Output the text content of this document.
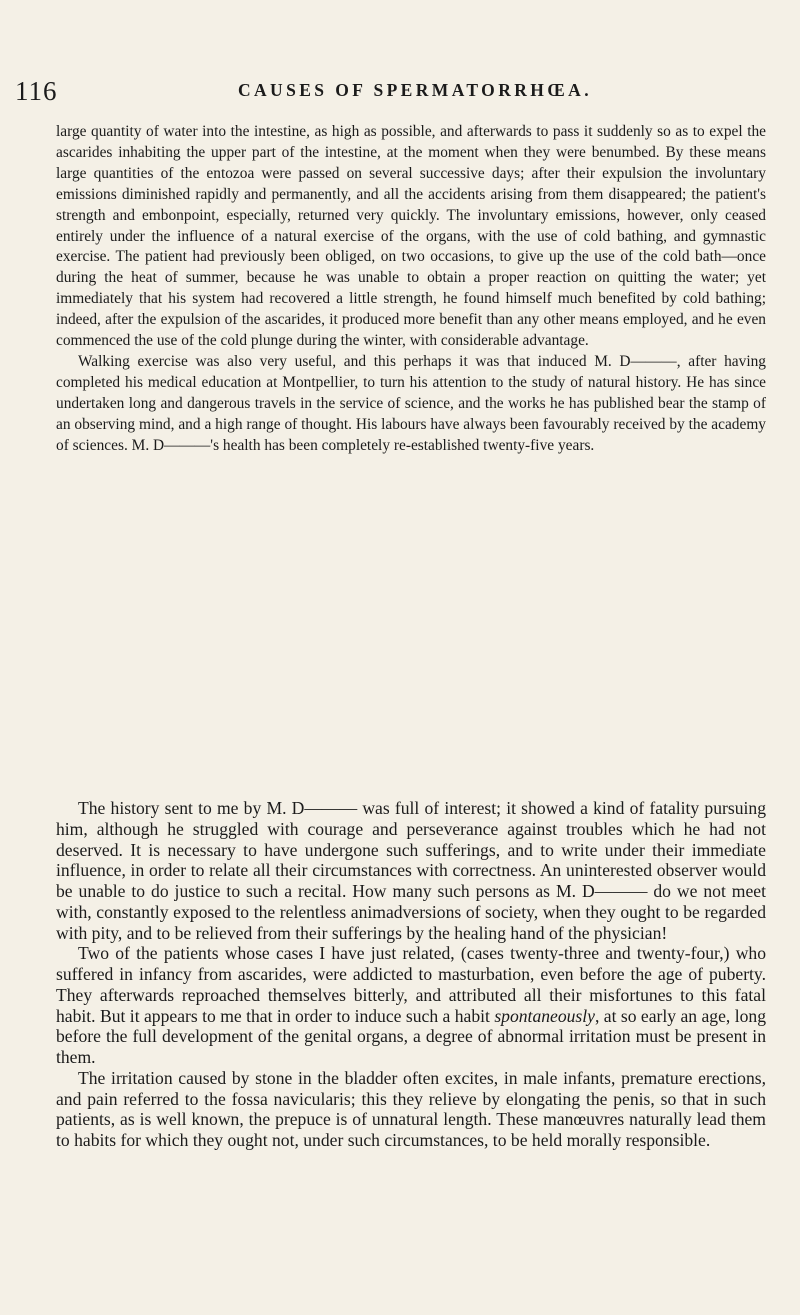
116	CAUSES OF SPERMATORRHŒA.

large quantity of water into the intestine, as high as possible, and afterwards to pass it suddenly so as to expel the ascarides inhabiting the upper part of the intestine, at the moment when they were benumbed. By these means large quantities of the entozoa were passed on several successive days; after their expulsion the involuntary emissions diminished rapidly and permanently, and all the accidents arising from them disappeared; the patient's strength and embonpoint, especially, returned very quickly. The involuntary emissions, however, only ceased entirely under the influence of a natural exercise of the organs, with the use of cold bathing, and gymnastic exercise. The patient had previously been obliged, on two occasions, to give up the use of the cold bath—once during the heat of summer, because he was unable to obtain a proper reaction on quitting the water; yet immediately that his system had recovered a little strength, he found himself much benefited by cold bathing; indeed, after the expulsion of the ascarides, it produced more benefit than any other means employed, and he even commenced the use of the cold plunge during the winter, with considerable advantage.

Walking exercise was also very useful, and this perhaps it was that induced M. D———, after having completed his medical education at Montpellier, to turn his attention to the study of natural history. He has since undertaken long and dangerous travels in the service of science, and the works he has published bear the stamp of an observing mind, and a high range of thought. His labours have always been favourably received by the academy of sciences. M. D———'s health has been completely re-established twenty-five years.

The history sent to me by M. D——— was full of interest; it showed a kind of fatality pursuing him, although he struggled with courage and perseverance against troubles which he had not deserved. It is necessary to have undergone such sufferings, and to write under their immediate influence, in order to relate all their circumstances with correctness. An uninterested observer would be unable to do justice to such a recital. How many such persons as M. D——— do we not meet with, constantly exposed to the relentless animadversions of society, when they ought to be regarded with pity, and to be relieved from their sufferings by the healing hand of the physician!

Two of the patients whose cases I have just related, (cases twenty-three and twenty-four,) who suffered in infancy from ascarides, were addicted to masturbation, even before the age of puberty. They afterwards reproached themselves bitterly, and attributed all their misfortunes to this fatal habit. But it appears to me that in order to induce such a habit spontaneously, at so early an age, long before the full development of the genital organs, a degree of abnormal irritation must be present in them.

The irritation caused by stone in the bladder often excites, in male infants, premature erections, and pain referred to the fossa navicularis; this they relieve by elongating the penis, so that in such patients, as is well known, the prepuce is of unnatural length. These manœuvres naturally lead them to habits for which they ought not, under such circumstances, to be held morally responsible.
